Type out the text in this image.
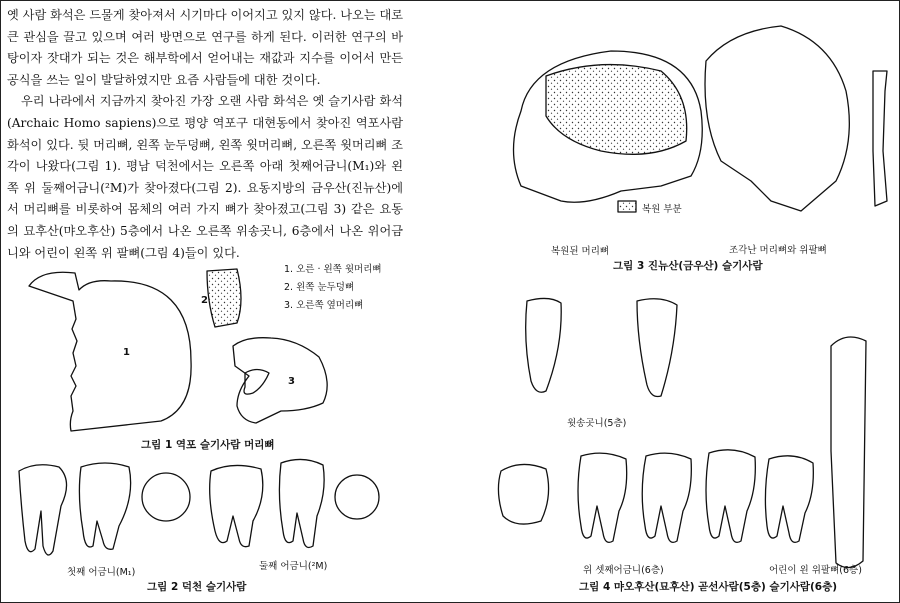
옛 사람 화석은 드물게 찾아져서 시기마다 이어지고 있지 않다. 나오는 대로 큰 관심을 끌고 있으며 여러 방면으로 연구를 하게 된다. 이러한 연구의 바탕이자 잣대가 되는 것은 해부학에서 얻어내는 재값과 지수를 이어서 만든 공식을 쓰는 일이 발달하였지만 요즘 사람들에 대한 것이다.

우리 나라에서 지금까지 찾아진 가장 오랜 사람 화석은 옛 슬기사람 화석(Archaic Homo sapiens)으로 평양 역포구 대현동에서 찾아진 역포사람 화석이 있다. 뒷 머리뼈, 왼쪽 눈두덩뼈, 왼쪽 윗머리뼈, 오른쪽 윗머리뼈 조각이 나왔다(그림 1). 평남 덕천에서는 오른쪽 아래 첫째어금니(M₁)와 왼쪽 위 둘째어금니(²M)가 찾아졌다(그림 2). 요동지방의 금우산(진뉴산)에서 머리뼈를 비롯하여 몸체의 여러 가지 뼈가 찾아졌고(그림 3) 같은 요동의 묘후산(먀오후산) 5층에서 나온 오른쪽 위송곳니, 6층에서 나온 위어금니와 어린이 왼쪽 위 팔뼈(그림 4)들이 있다.

1
2
3
1. 오른 · 왼쪽 윗머리뼈
2. 왼쪽 눈두덩뼈
3. 오른쪽 옆머리뼈
그림 1 역포 슬기사람 머리뼈
첫째 어금니(M₁)
둘째 어금니(²M)
그림 2 덕천 슬기사람
복원 부분
복원된 머리뼈	조각난 머리뼈와 위팔뼈
그림 3 진뉴산(금우산) 슬기사람
윗송곳니(5층)
위 셋째어금니(6층)	어린이 왼 위팔뼈(6층)
그림 4 먀오후산(묘후산) 곧선사람(5층) 슬기사람(6층)
